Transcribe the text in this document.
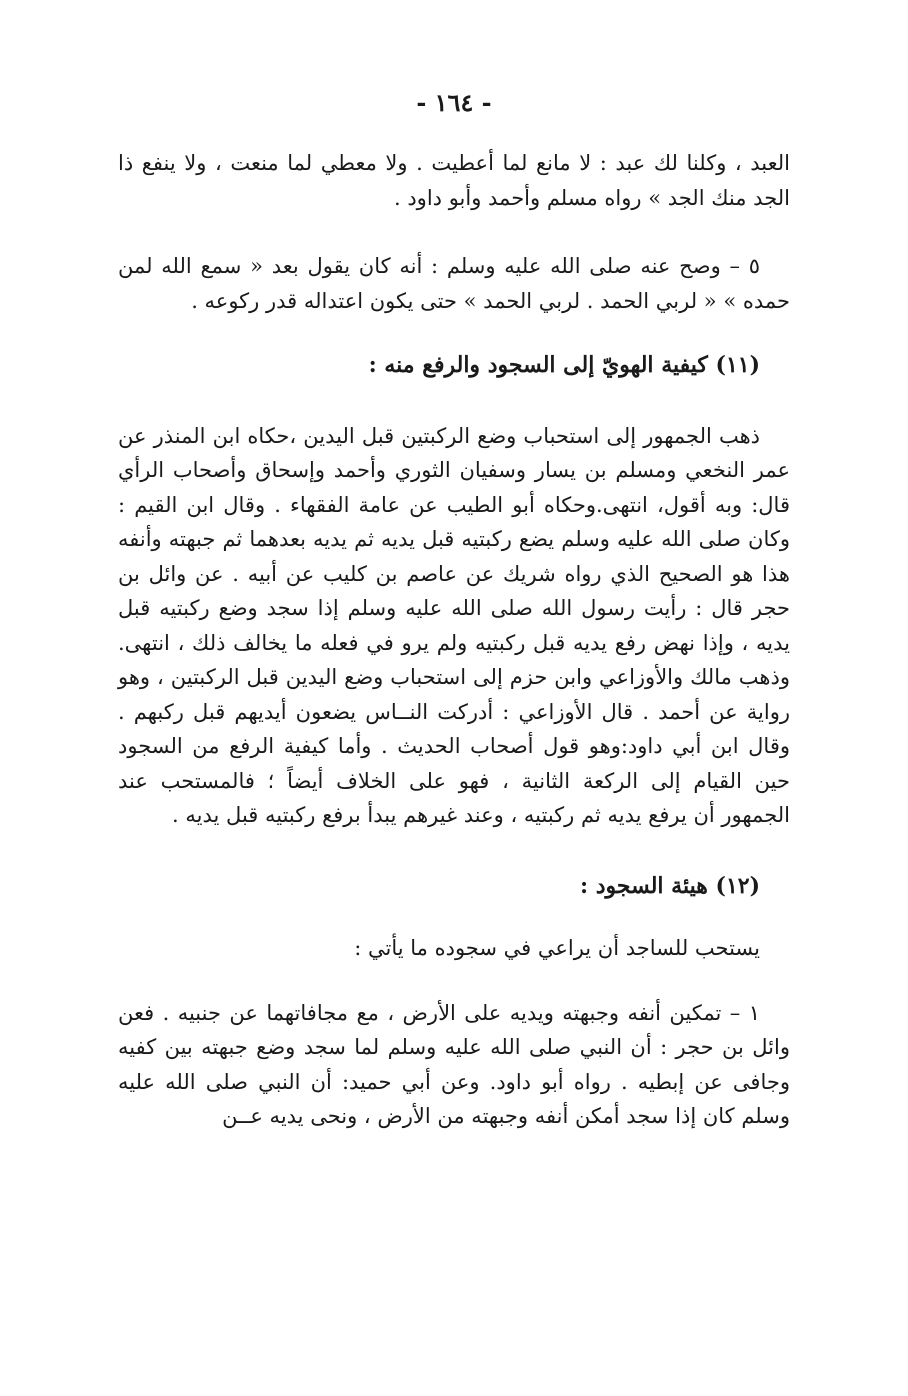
- ١٦٤ -

العبد ، وكلنا لك عبد : لا مانع لما أعطيت . ولا معطي لما منعت ، ولا ينفع ذا الجد منك الجد » رواه مسلم وأحمد وأبو داود .

٥ – وصح عنه صلى الله عليه وسلم : أنه كان يقول بعد « سمع الله لمن حمده » « لربي الحمد . لربي الحمد » حتى يكون اعتداله قدر ركوعه .

(١١) كيفية الهويّ إلى السجود والرفع منه :

ذهب الجمهور إلى استحباب وضع الركبتين قبل اليدين ،حكاه ابن المنذر عن عمر النخعي ومسلم بن يسار وسفيان الثوري وأحمد وإسحاق وأصحاب الرأي قال: وبه أقول، انتهى.وحكاه أبو الطيب عن عامة الفقهاء . وقال ابن القيم : وكان صلى الله عليه وسلم يضع ركبتيه قبل يديه ثم يديه بعدهما ثم جبهته وأنفه هذا هو الصحيح الذي رواه شريك عن عاصم بن كليب عن أبيه . عن وائل بن حجر قال : رأيت رسول الله صلى الله عليه وسلم إذا سجد وضع ركبتيه قبل يديه ، وإذا نهض رفع يديه قبل ركبتيه ولم يرو في فعله ما يخالف ذلك ، انتهى. وذهب مالك والأوزاعي وابن حزم إلى استحباب وضع اليدين قبل الركبتين ، وهو رواية عن أحمد . قال الأوزاعي : أدركت النــاس يضعون أيديهم قبل ركبهم . وقال ابن أبي داود:وهو قول أصحاب الحديث . وأما كيفية الرفع من السجود حين القيام إلى الركعة الثانية ، فهو على الخلاف أيضاً ؛ فالمستحب عند الجمهور أن يرفع يديه ثم ركبتيه ، وعند غيرهم يبدأ برفع ركبتيه قبل يديه .

(١٢) هيئة السجود :

يستحب للساجد أن يراعي في سجوده ما يأتي :

١ – تمكين أنفه وجبهته ويديه على الأرض ، مع مجافاتهما عن جنبيه . فعن وائل بن حجر : أن النبي صلى الله عليه وسلم لما سجد وضع جبهته بين كفيه وجافى عن إبطيه . رواه أبو داود. وعن أبي حميد: أن النبي صلى الله عليه وسلم كان إذا سجد أمكن أنفه وجبهته من الأرض ، ونحى يديه عــن
